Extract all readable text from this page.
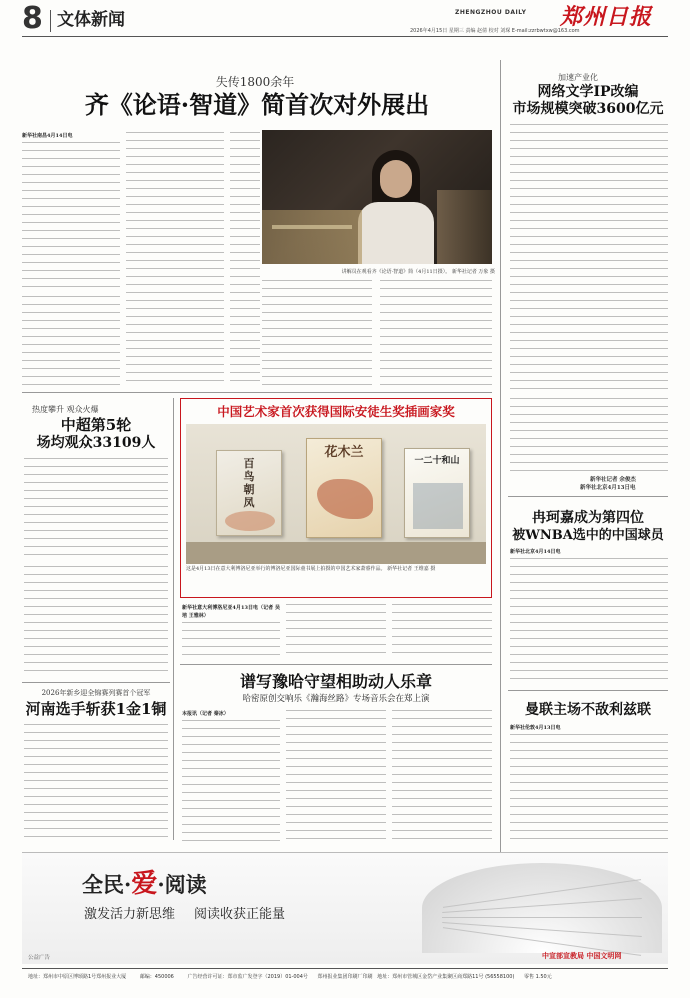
8 文体新闻	ZHENGZHOU DAILY 郑州日报
2026年4月15日 星期三 责编 赵倩 校对 刘琛 E-mail:zzrbwtxw@163.com
失传1800余年
齐《论语·智道》简首次对外展出
新华社南昌4月14日电
讲解员在观看齐《论语·智道》简（4月11日摄）。 新华社记者 万象 摄
加速产业化
网络文学IP改编
市场规模突破3600亿元
新华社记者 余俊杰
新华社北京4月13日电
冉珂嘉成为第四位
被WNBA选中的中国球员
新华社北京4月14日电
曼联主场不敌利兹联
新华社伦敦4月13日电
热度攀升 观众火爆
中超第5轮
场均观众33109人
中国艺术家首次获得国际安徒生奖插画家奖
百鸟朝凤
花木兰
一二十和山
这是4月13日在意大利博洛尼亚举行的博洛尼亚国际童书展上拍摄的中国艺术家萧睿作品。 新华社记者 王维嘉 摄
新华社意大利博洛尼亚4月13日电（记者 吴培 王雅林）
2026年新乡迎全锦赛列赛首个冠军
河南选手斩获1金1铜
谱写豫哈守望相助动人乐章
哈密原创交响乐《瀚海丝路》专场音乐会在郑上演
本报讯（记者 秦冰）
全民·爱·阅读
激发活力新思维 阅读收获正能量
公益广告	中宣部宣教局 中国文明网
地址：郑州市中原区博颂路1号郑州报业大厦	邮编：450006	广告经营许可证：郑市监广发登字（2019）01-004号 郑州报业集团印刷厂印刷 地址：郑州市管城区金岱产业集聚区商郑路11号 (56558100) 零售 1.50元
